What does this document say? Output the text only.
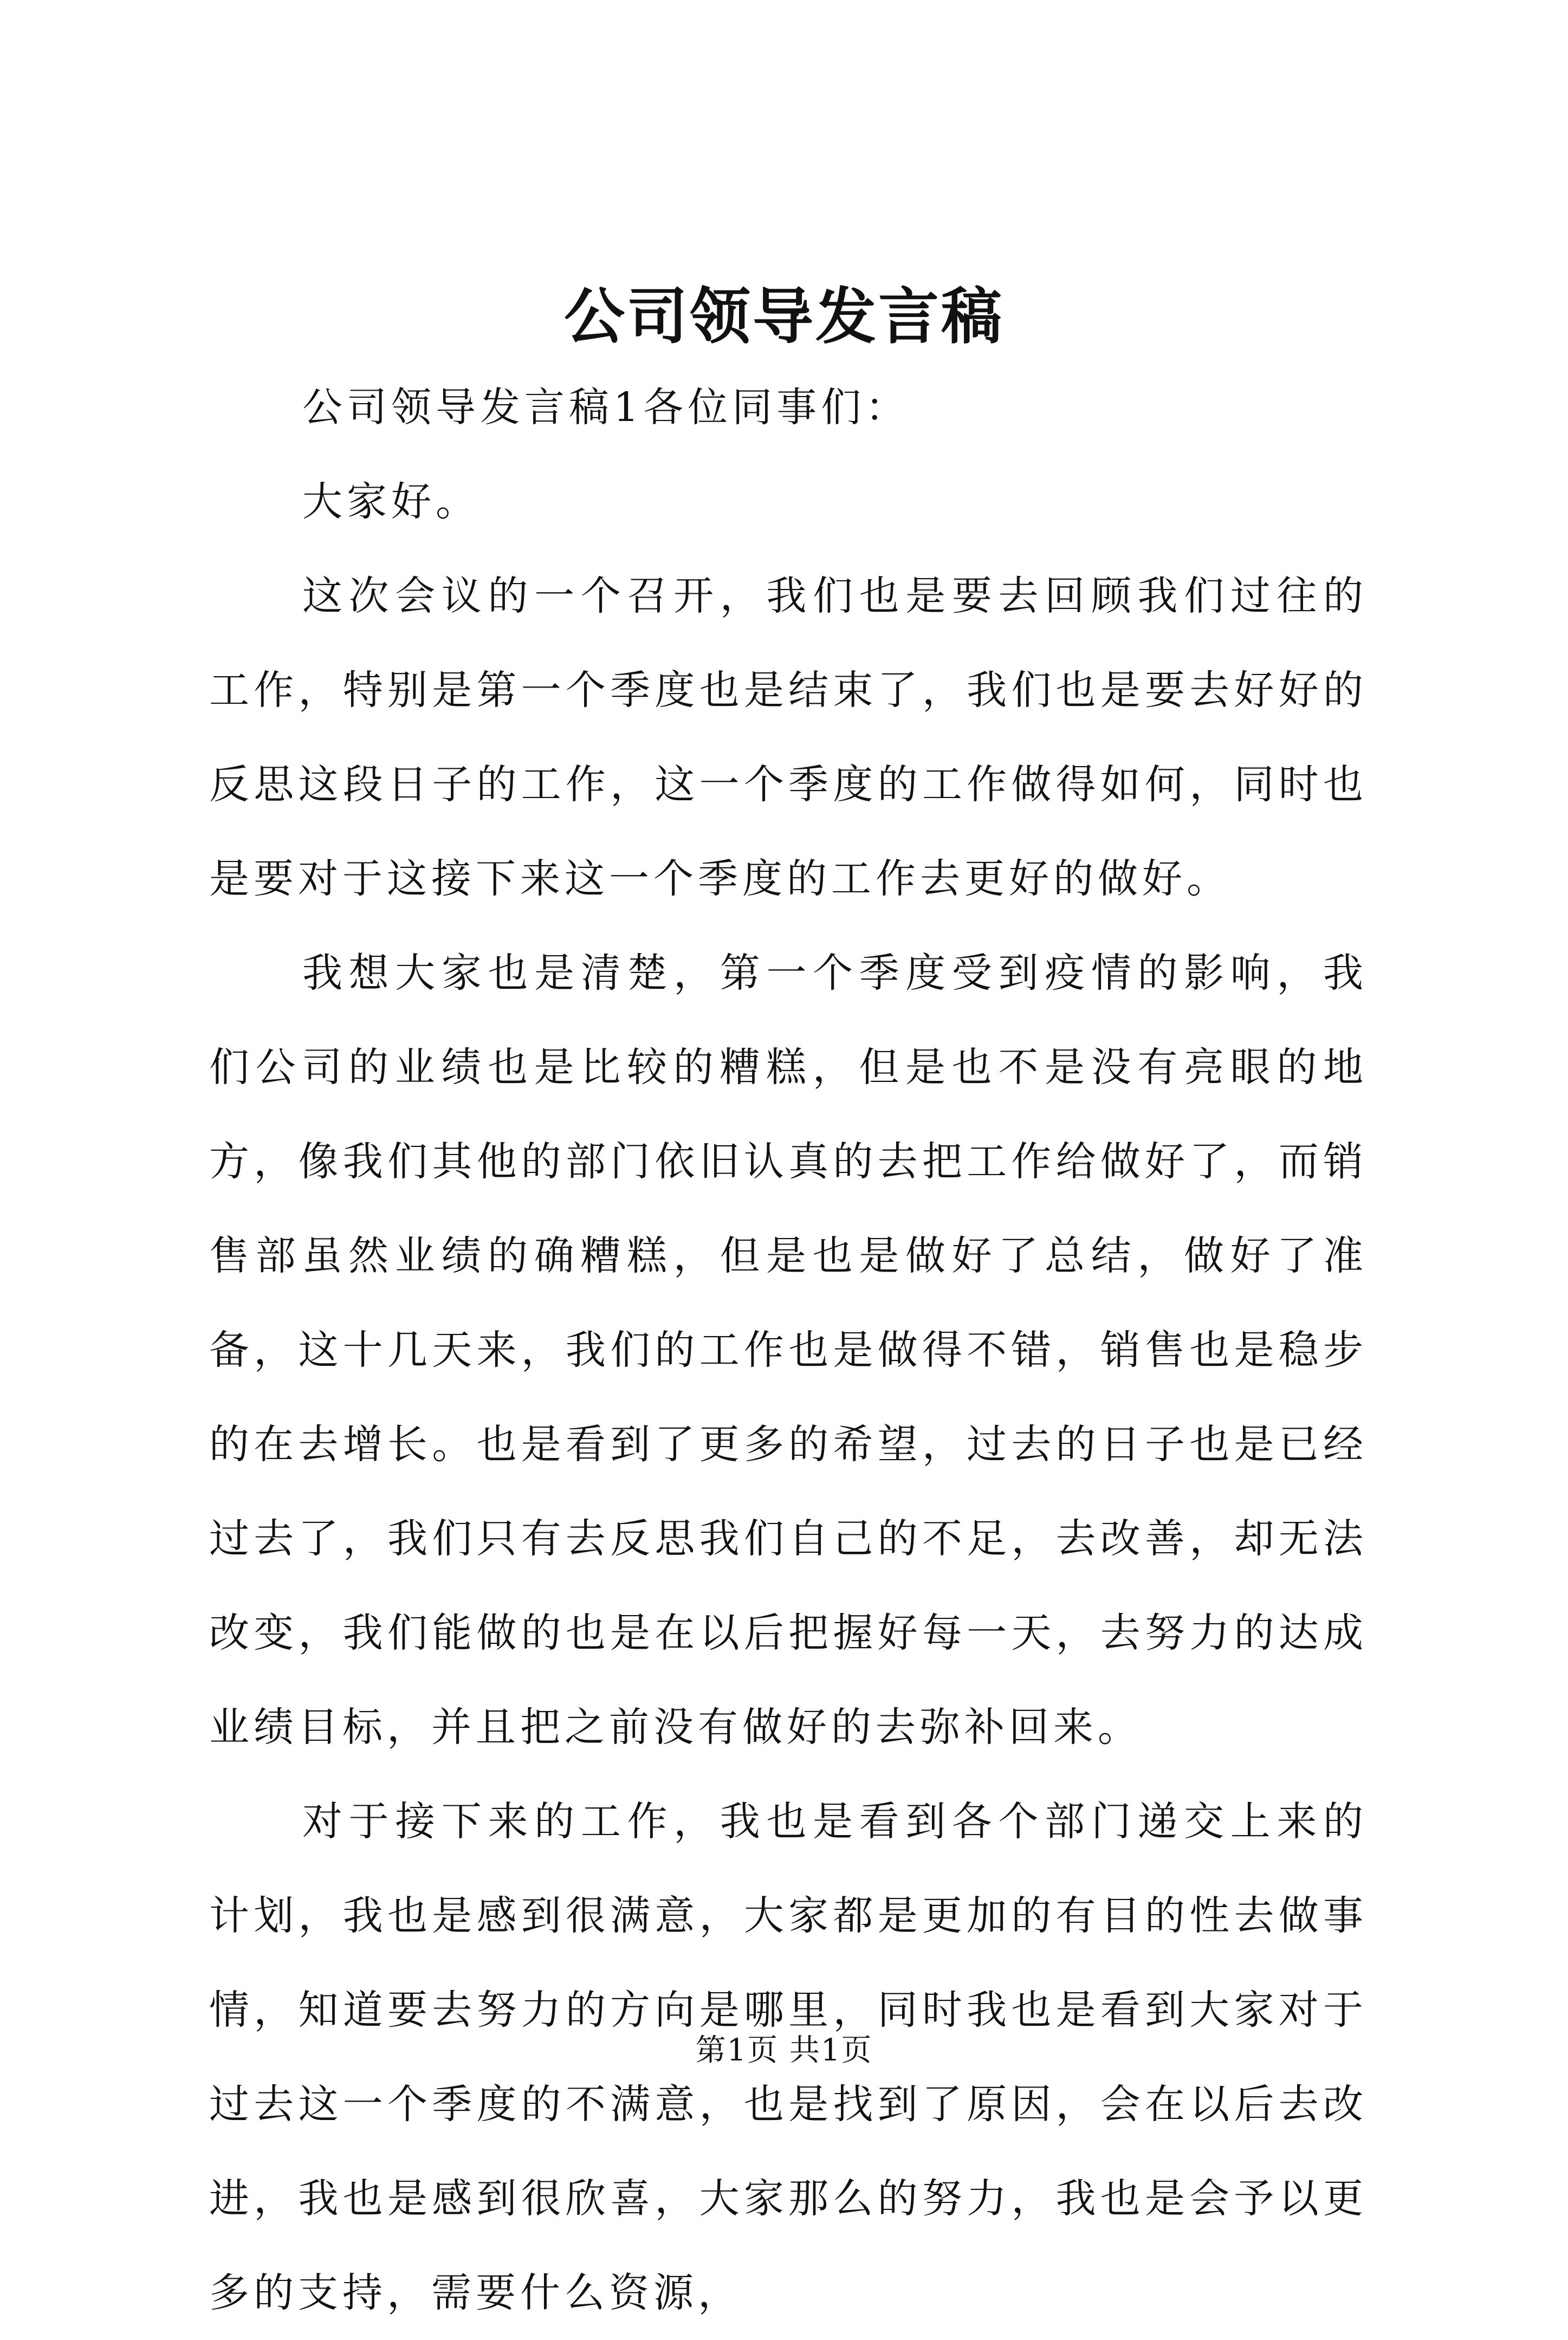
公司领导发言稿

公司领导发言稿1各位同事们：

大家好。

这次会议的一个召开，我们也是要去回顾我们过往的工作，特别是第一个季度也是结束了，我们也是要去好好的反思这段日子的工作，这一个季度的工作做得如何，同时也是要对于这接下来这一个季度的工作去更好的做好。

我想大家也是清楚，第一个季度受到疫情的影响，我们公司的业绩也是比较的糟糕，但是也不是没有亮眼的地方，像我们其他的部门依旧认真的去把工作给做好了，而销售部虽然业绩的确糟糕，但是也是做好了总结，做好了准备，这十几天来，我们的工作也是做得不错，销售也是稳步的在去增长。也是看到了更多的希望，过去的日子也是已经过去了，我们只有去反思我们自己的不足，去改善，却无法改变，我们能做的也是在以后把握好每一天，去努力的达成业绩目标，并且把之前没有做好的去弥补回来。

对于接下来的工作，我也是看到各个部门递交上来的计划，我也是感到很满意，大家都是更加的有目的性去做事情，知道要去努力的方向是哪里，同时我也是看到大家对于过去这一个季度的不满意，也是找到了原因，会在以后去改进，我也是感到很欣喜，大家那么的努力，我也是会予以更多的支持，需要什么资源，

第1页 共1页
